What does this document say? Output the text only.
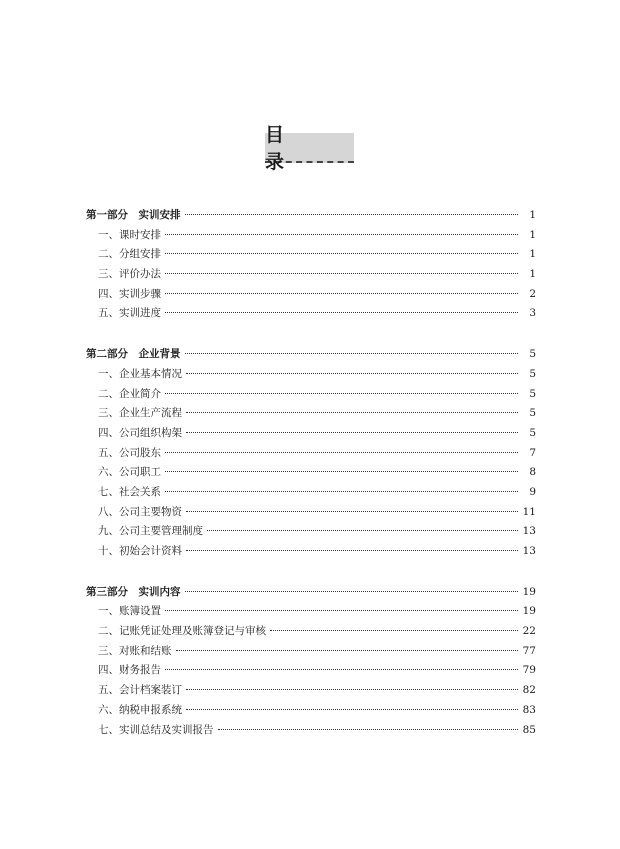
目　录
第一部分　实训安排	1
一、课时安排	1
二、分组安排	1
三、评价办法	1
四、实训步骤	2
五、实训进度	3
第二部分　企业背景	5
一、企业基本情况	5
二、企业简介	5
三、企业生产流程	5
四、公司组织构架	5
五、公司股东	7
六、公司职工	8
七、社会关系	9
八、公司主要物资	11
九、公司主要管理制度	13
十、初始会计资料	13
第三部分　实训内容	19
一、账簿设置	19
二、记账凭证处理及账簿登记与审核	22
三、对账和结账	77
四、财务报告	79
五、会计档案装订	82
六、纳税申报系统	83
七、实训总结及实训报告	85
